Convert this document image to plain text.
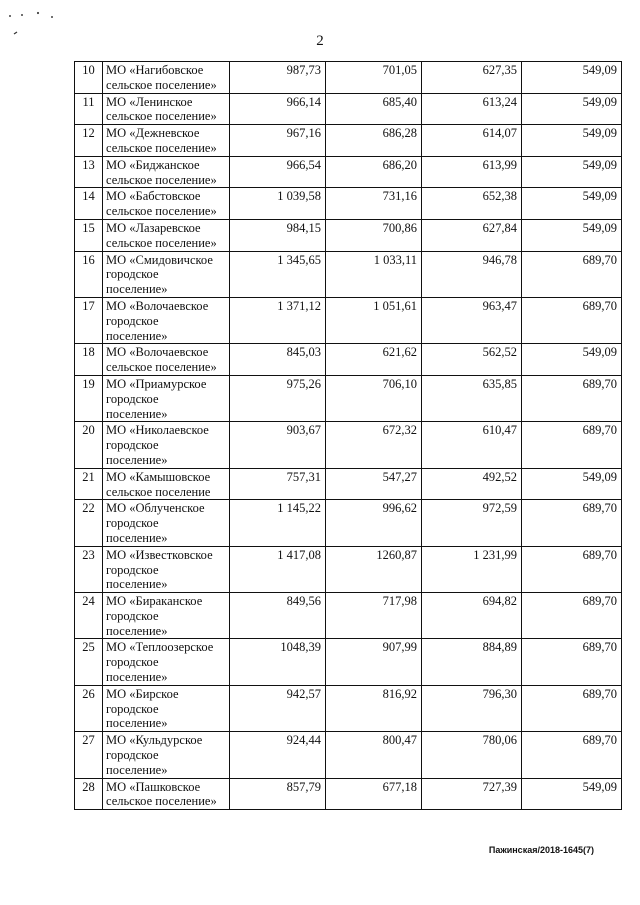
2
10	МО «Нагибовское
сельское поселение»	987,73	701,05	627,35	549,09
11	МО «Ленинское
сельское поселение»	966,14	685,40	613,24	549,09
12	МО «Дежневское
сельское поселение»	967,16	686,28	614,07	549,09
13	МО «Биджанское
сельское поселение»	966,54	686,20	613,99	549,09
14	МО «Бабстовское
сельское поселение»	1 039,58	731,16	652,38	549,09
15	МО «Лазаревское
сельское поселение»	984,15	700,86	627,84	549,09
16	МО «Смидовичское
городское
поселение»	1 345,65	1 033,11	946,78	689,70
17	МО «Волочаевское
городское
поселение»	1 371,12	1 051,61	963,47	689,70
18	МО «Волочаевское
сельское поселение»	845,03	621,62	562,52	549,09
19	МО «Приамурское
городское
поселение»	975,26	706,10	635,85	689,70
20	МО «Николаевское
городское
поселение»	903,67	672,32	610,47	689,70
21	МО «Камышовское
сельское поселение	757,31	547,27	492,52	549,09
22	МО «Облученское
городское
поселение»	1 145,22	996,62	972,59	689,70
23	МО «Известковское
городское
поселение»	1 417,08	1260,87	1 231,99	689,70
24	МО «Бираканское
городское
поселение»	849,56	717,98	694,82	689,70
25	МО «Теплоозерское
городское
поселение»	1048,39	907,99	884,89	689,70
26	МО «Бирское
городское
поселение»	942,57	816,92	796,30	689,70
27	МО «Кульдурское
городское
поселение»	924,44	800,47	780,06	689,70
28	МО «Пашковское
сельское поселение»	857,79	677,18	727,39	549,09
Пажинская/2018-1645(7)
